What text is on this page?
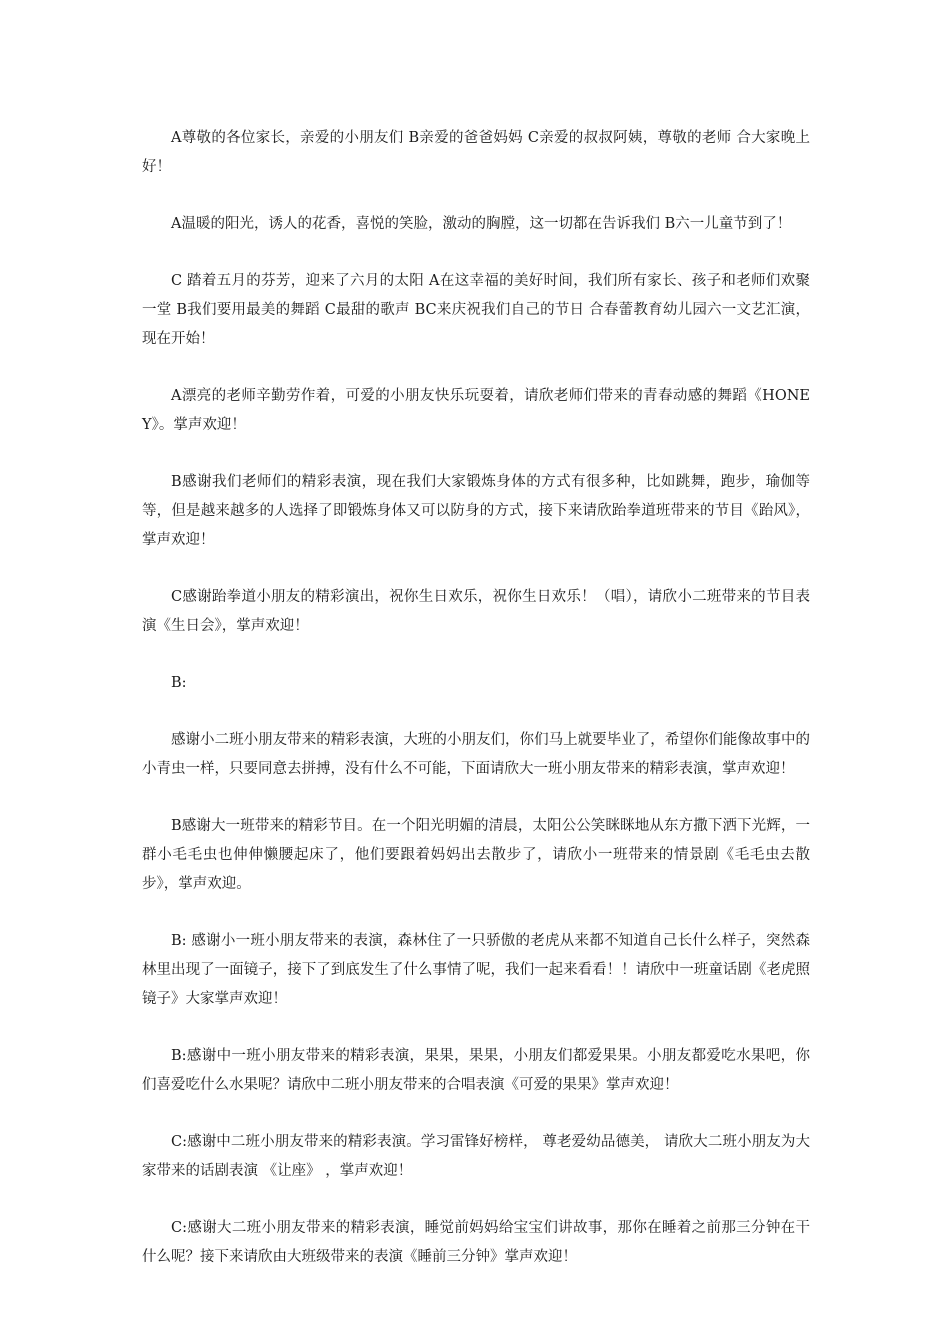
A尊敬的各位家长，亲爱的小朋友们 B亲爱的爸爸妈妈 C亲爱的叔叔阿姨，尊敬的老师 合大家晚上好！

A温暖的阳光，诱人的花香，喜悦的笑脸，激动的胸膛，这一切都在告诉我们 B六一儿童节到了！

C 踏着五月的芬芳，迎来了六月的太阳 A在这幸福的美好时间，我们所有家长、孩子和老师们欢聚一堂 B我们要用最美的舞蹈 C最甜的歌声 BC来庆祝我们自己的节日 合春蕾教育幼儿园六一文艺汇演，现在开始！

A漂亮的老师辛勤劳作着，可爱的小朋友快乐玩耍着，请欣老师们带来的青春动感的舞蹈《HONEY》。掌声欢迎！

B感谢我们老师们的精彩表演，现在我们大家锻炼身体的方式有很多种，比如跳舞，跑步，瑜伽等等，但是越来越多的人选择了即锻炼身体又可以防身的方式，接下来请欣跆拳道班带来的节目《跆风》，掌声欢迎！

C感谢跆拳道小朋友的精彩演出，祝你生日欢乐，祝你生日欢乐！（唱），请欣小二班带来的节目表演《生日会》，掌声欢迎！

B:

感谢小二班小朋友带来的精彩表演，大班的小朋友们，你们马上就要毕业了，希望你们能像故事中的小青虫一样，只要同意去拼搏，没有什么不可能，下面请欣大一班小朋友带来的精彩表演，掌声欢迎！

B感谢大一班带来的精彩节目。在一个阳光明媚的清晨，太阳公公笑眯眯地从东方撒下洒下光辉，一群小毛毛虫也伸伸懒腰起床了，他们要跟着妈妈出去散步了，请欣小一班带来的情景剧《毛毛虫去散步》，掌声欢迎。

B: 感谢小一班小朋友带来的表演，森林住了一只骄傲的老虎从来都不知道自己长什么样子，突然森林里出现了一面镜子，接下了到底发生了什么事情了呢，我们一起来看看！！请欣中一班童话剧《老虎照镜子》大家掌声欢迎！

B:感谢中一班小朋友带来的精彩表演，果果，果果，小朋友们都爱果果。小朋友都爱吃水果吧，你们喜爱吃什么水果呢？请欣中二班小朋友带来的合唱表演《可爱的果果》掌声欢迎！

C:感谢中二班小朋友带来的精彩表演。学习雷锋好榜样， 尊老爱幼品德美， 请欣大二班小朋友为大家带来的话剧表演 《让座》 ，掌声欢迎！

C:感谢大二班小朋友带来的精彩表演，睡觉前妈妈给宝宝们讲故事，那你在睡着之前那三分钟在干什么呢？接下来请欣由大班级带来的表演《睡前三分钟》掌声欢迎！
